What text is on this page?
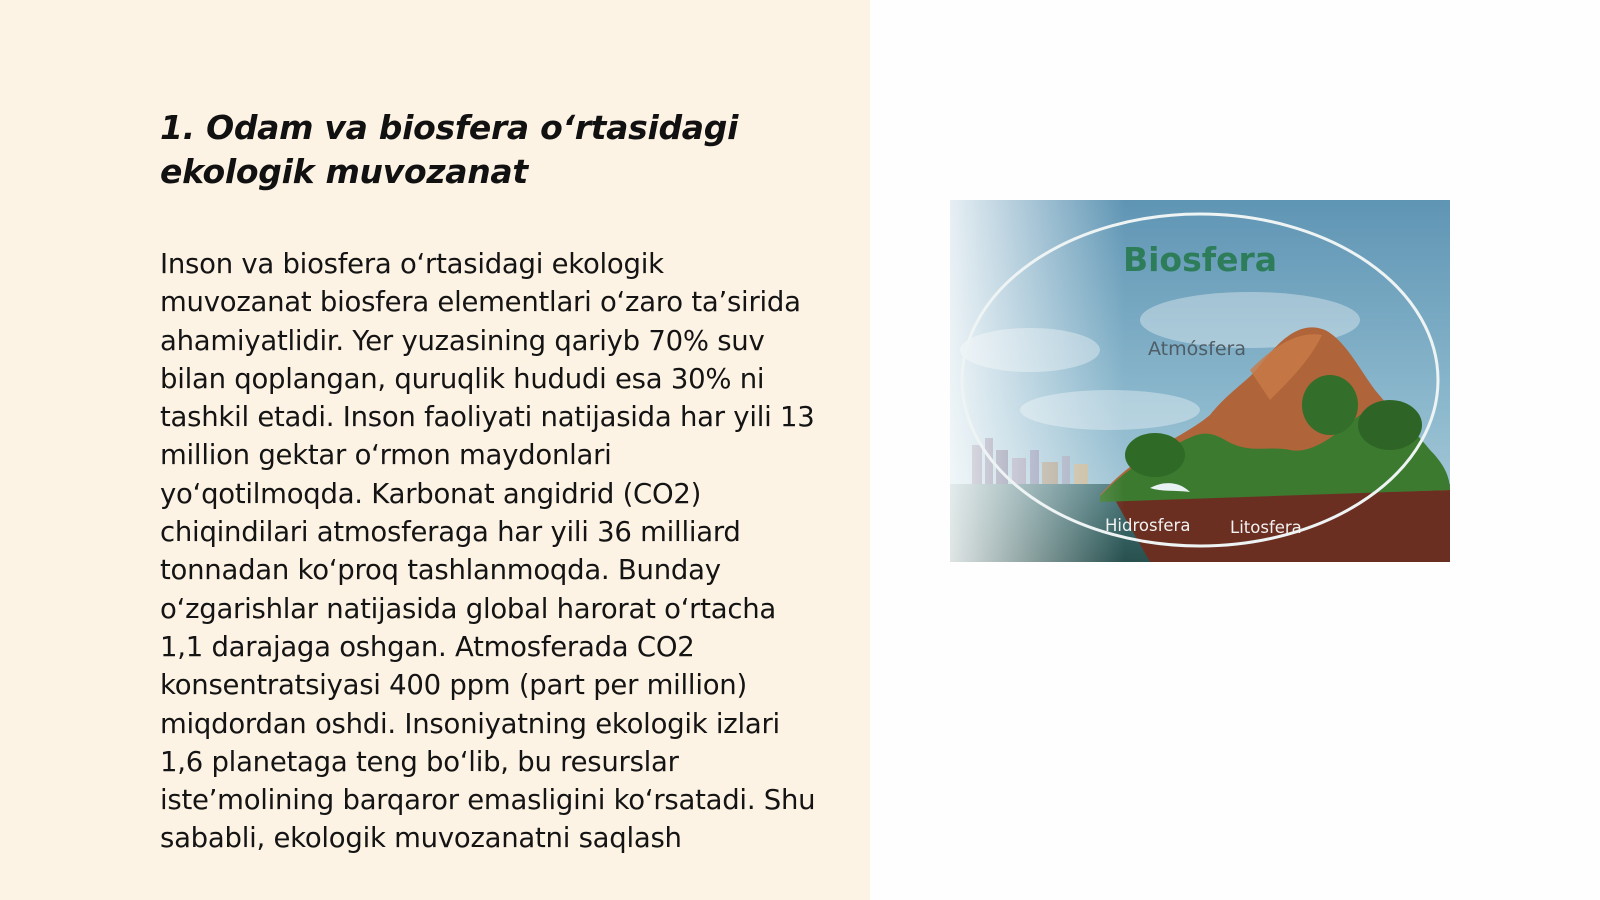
1. Odam va biosfera o‘rtasidagi ekologik muvozanat

Inson va biosfera o‘rtasidagi ekologik muvozanat biosfera elementlari o‘zaro ta’sirida ahamiyatlidir. Yer yuzasining qariyb 70% suv bilan qoplangan, quruqlik hududi esa 30% ni tashkil etadi. Inson faoliyati natijasida har yili 13 million gektar o‘rmon maydonlari yo‘qotilmoqda. Karbonat angidrid (CO2) chiqindilari atmosferaga har yili 36 milliard tonnadan ko‘proq tashlanmoqda. Bunday o‘zgarishlar natijasida global harorat o‘rtacha 1,1 darajaga oshgan. Atmosferada CO2 konsentratsiyasi 400 ppm (part per million) miqdordan oshdi. Insoniyatning ekologik izlari 1,6 planetaga teng bo‘lib, bu resurslar iste’molining barqaror emasligini ko‘rsatadi. Shu sababli, ekologik muvozanatni saqlash

Biosfera
Atmósfera
Hidrosfera Litosfera
